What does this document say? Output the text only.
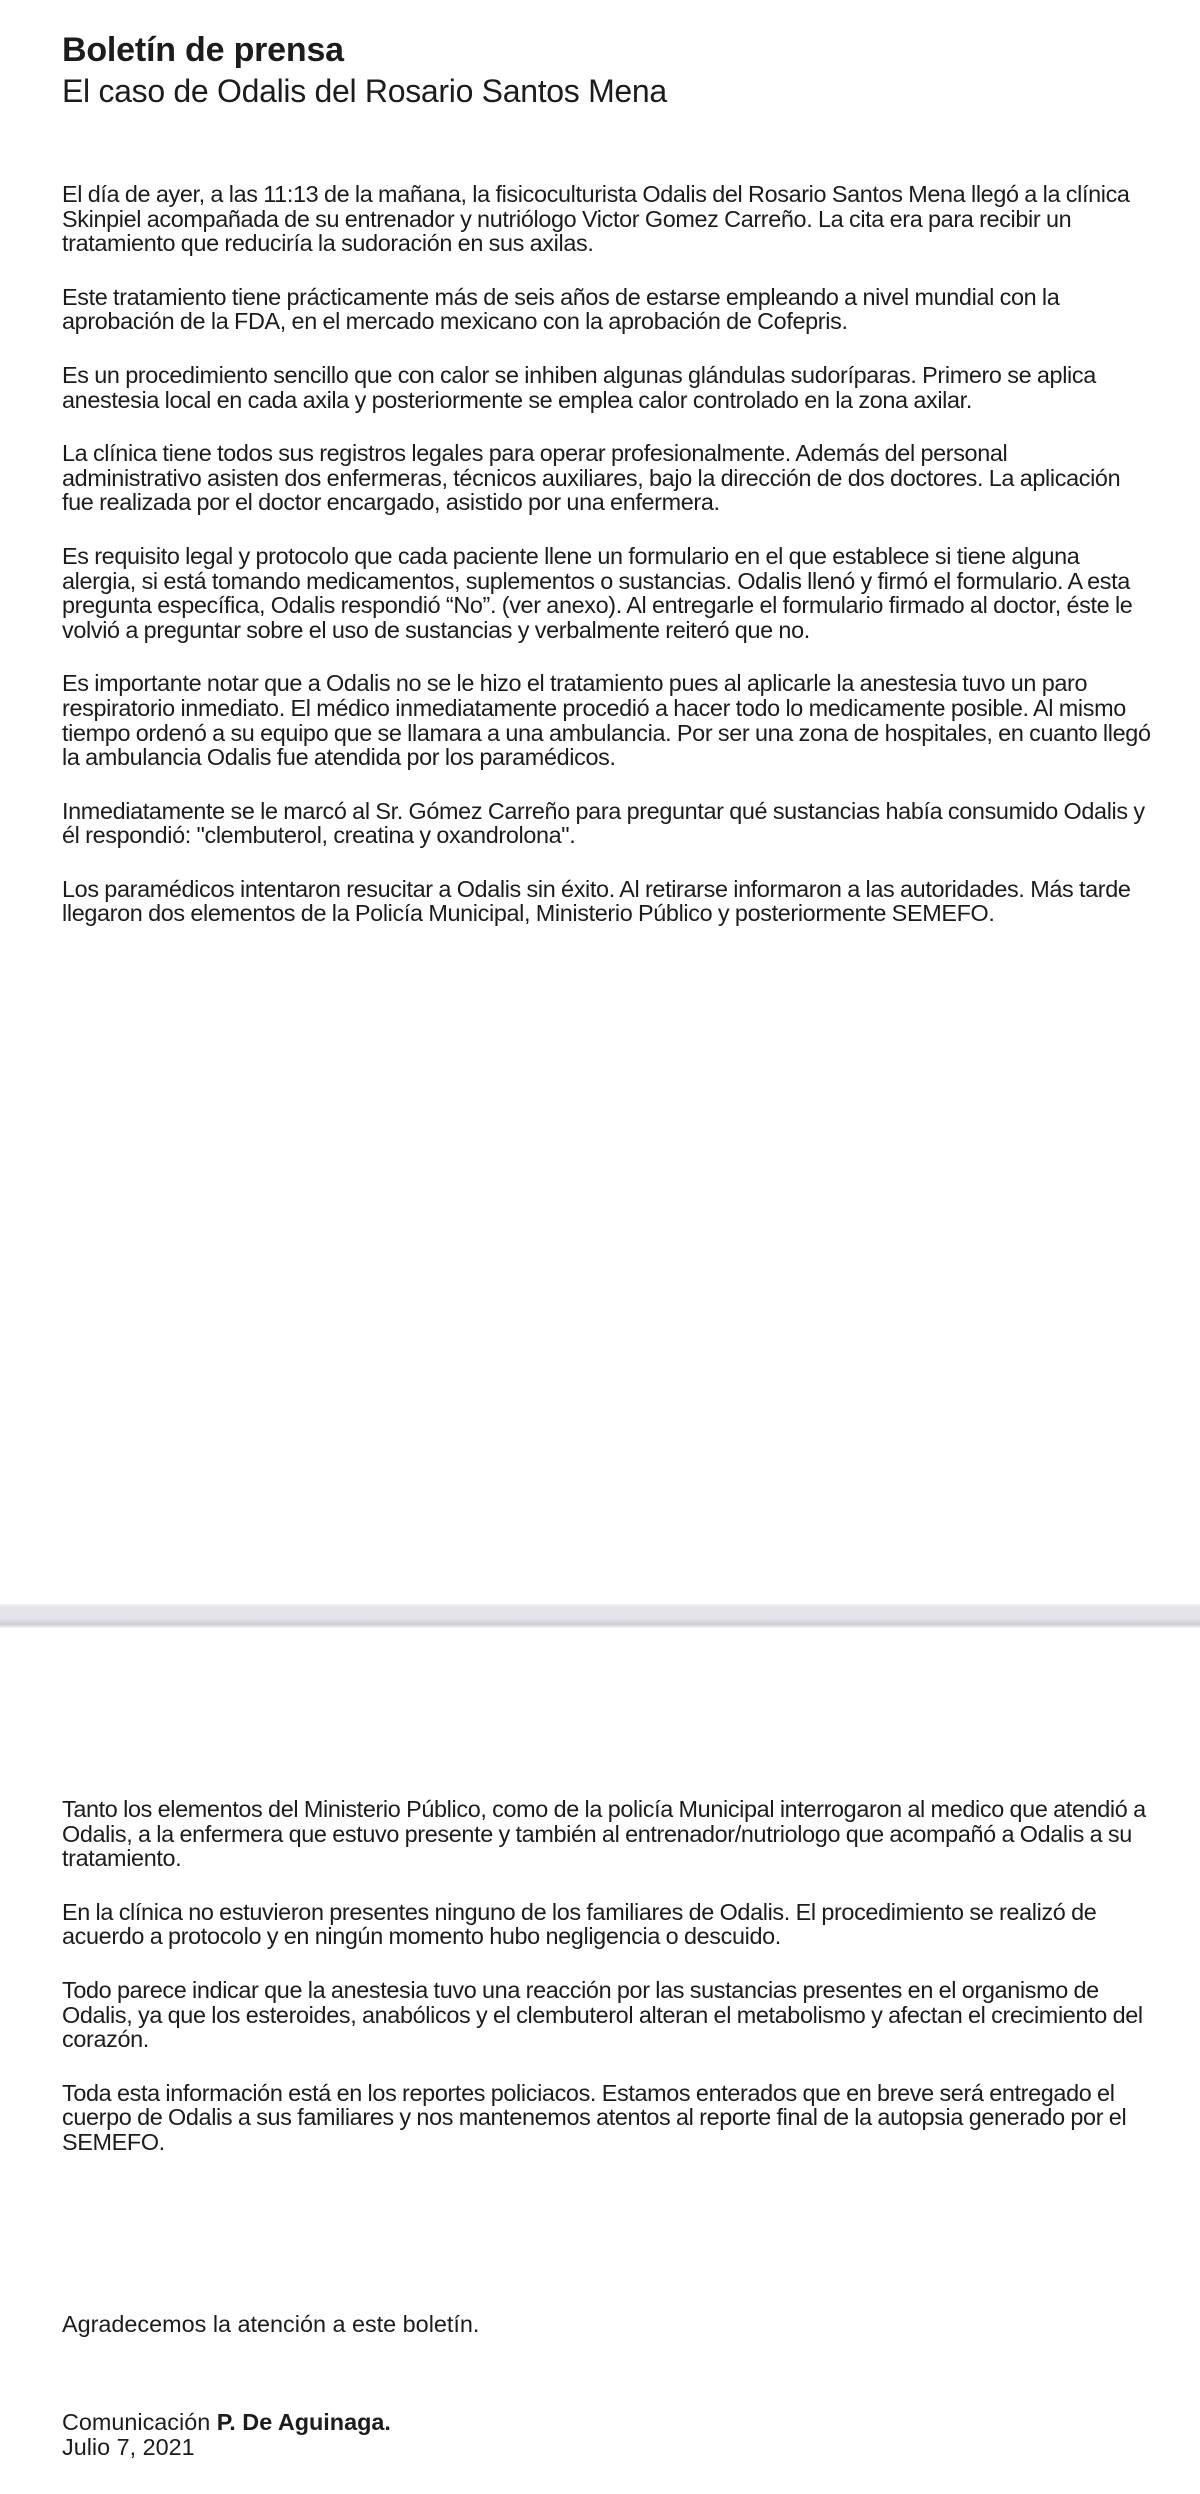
Boletín de prensa
El caso de Odalis del Rosario Santos Mena

El día de ayer, a las 11:13 de la mañana, la fisicoculturista Odalis del Rosario Santos Mena llegó a la clínica Skinpiel acompañada de su entrenador y nutriólogo Victor Gomez Carreño. La cita era para recibir un tratamiento que reduciría la sudoración en sus axilas.

Este tratamiento tiene prácticamente más de seis años de estarse empleando a nivel mundial con la aprobación de la FDA, en el mercado mexicano con la aprobación de Cofepris.

Es un procedimiento sencillo que con calor se inhiben algunas glándulas sudoríparas. Primero se aplica anestesia local en cada axila y posteriormente se emplea calor controlado en la zona axilar.

La clínica tiene todos sus registros legales para operar profesionalmente. Además del personal administrativo asisten dos enfermeras, técnicos auxiliares, bajo la dirección de dos doctores. La aplicación fue realizada por el doctor encargado, asistido por una enfermera.

Es requisito legal y protocolo que cada paciente llene un formulario en el que establece si tiene alguna alergia, si está tomando medicamentos, suplementos o sustancias. Odalis llenó y firmó el formulario. A esta pregunta específica, Odalis respondió “No”. (ver anexo). Al entregarle el formulario firmado al doctor, éste le volvió a preguntar sobre el uso de sustancias y verbalmente reiteró que no.

Es importante notar que a Odalis no se le hizo el tratamiento pues al aplicarle la anestesia tuvo un paro respiratorio inmediato. El médico inmediatamente procedió a hacer todo lo medicamente posible. Al mismo tiempo ordenó a su equipo que se llamara a una ambulancia. Por ser una zona de hospitales, en cuanto llegó la ambulancia Odalis fue atendida por los paramédicos.

Inmediatamente se le marcó al Sr. Gómez Carreño para preguntar qué sustancias había consumido Odalis y él respondió: "clembuterol, creatina y oxandrolona".

Los paramédicos intentaron resucitar a Odalis sin éxito. Al retirarse informaron a las autoridades. Más tarde llegaron dos elementos de la Policía Municipal, Ministerio Público y posteriormente SEMEFO.

Tanto los elementos del Ministerio Público, como de la policía Municipal interrogaron al medico que atendió a Odalis, a la enfermera que estuvo presente y también al entrenador/nutriologo que acompañó a Odalis a su tratamiento.

En la clínica no estuvieron presentes ninguno de los familiares de Odalis. El procedimiento se realizó de acuerdo a protocolo y en ningún momento hubo negligencia o descuido.

Todo parece indicar que la anestesia tuvo una reacción por las sustancias presentes en el organismo de Odalis, ya que los esteroides, anabólicos y el clembuterol alteran el metabolismo y afectan el crecimiento del corazón.

Toda esta información está en los reportes policiacos. Estamos enterados que en breve será entregado el cuerpo de Odalis a sus familiares y nos mantenemos atentos al reporte final de la autopsia generado por el SEMEFO.

Agradecemos la atención a este boletín.

Comunicación P. De Aguinaga.
Julio 7, 2021
